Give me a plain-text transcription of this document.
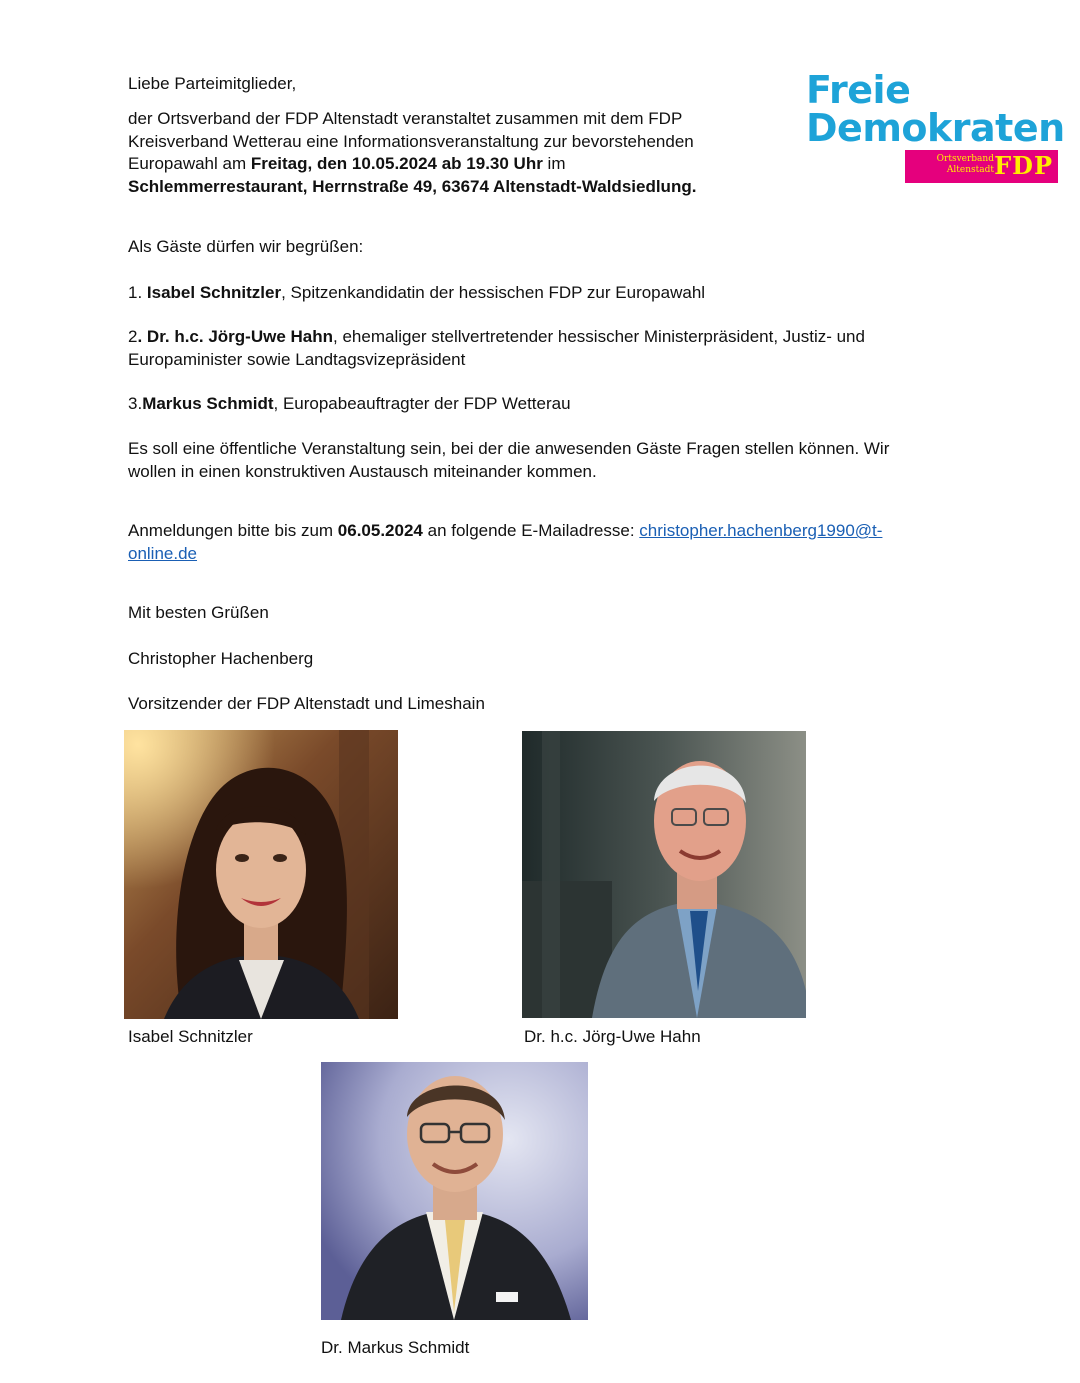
Freie
Demokraten
Ortsverband
Altenstadt FDP
Liebe Parteimitglieder,
der Ortsverband der FDP Altenstadt veranstaltet zusammen mit dem FDP
Kreisverband Wetterau eine Informationsveranstaltung zur bevorstehenden
Europawahl am Freitag, den 10.05.2024 ab 19.30 Uhr im
Schlemmerrestaurant, Herrnstraße 49, 63674 Altenstadt-Waldsiedlung.
Als Gäste dürfen wir begrüßen:
1. Isabel Schnitzler, Spitzenkandidatin der hessischen FDP zur Europawahl
2. Dr. h.c. Jörg-Uwe Hahn, ehemaliger stellvertretender hessischer Ministerpräsident, Justiz- und
Europaminister sowie Landtagsvizepräsident
3.Markus Schmidt, Europabeauftragter der FDP Wetterau
Es soll eine öffentliche Veranstaltung sein, bei der die anwesenden Gäste Fragen stellen können. Wir
wollen in einen konstruktiven Austausch miteinander kommen.
Anmeldungen bitte bis zum 06.05.2024 an folgende E-Mailadresse: christopher.hachenberg1990@t-
online.de
Mit besten Grüßen
Christopher Hachenberg
Vorsitzender der FDP Altenstadt und Limeshain
Isabel Schnitzler	Dr. h.c. Jörg-Uwe Hahn
Dr. Markus Schmidt
